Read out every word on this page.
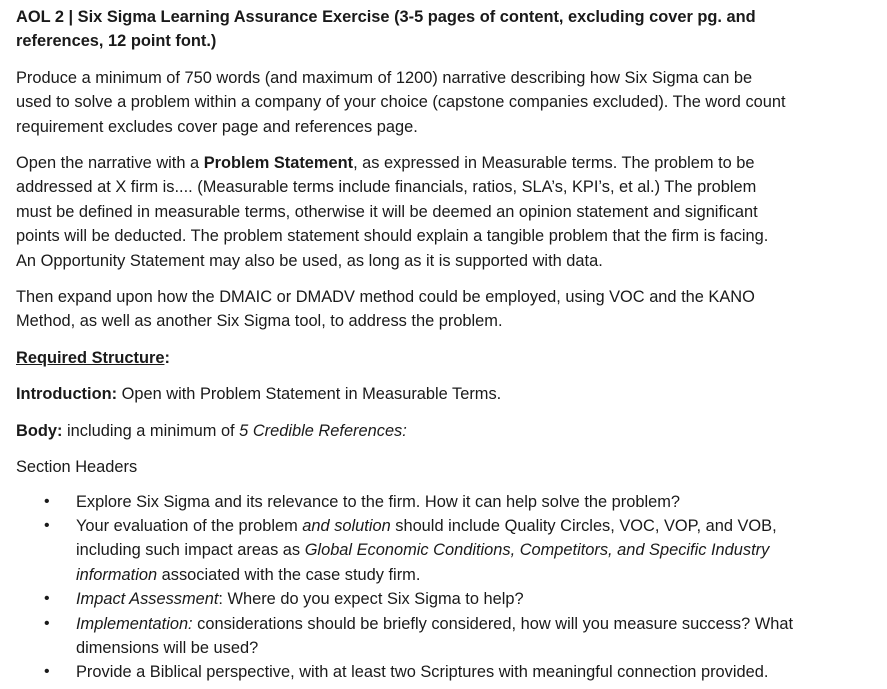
AOL 2 | Six Sigma Learning Assurance Exercise (3-5 pages of content, excluding cover pg. and references, 12 point font.)

Produce a minimum of 750 words (and maximum of 1200) narrative describing how Six Sigma can be used to solve a problem within a company of your choice (capstone companies excluded). The word count requirement excludes cover page and references page.

Open the narrative with a Problem Statement, as expressed in Measurable terms. The problem to be addressed at X firm is.... (Measurable terms include financials, ratios, SLA’s, KPI’s, et al.) The problem must be defined in measurable terms, otherwise it will be deemed an opinion statement and significant points will be deducted. The problem statement should explain a tangible problem that the firm is facing. An Opportunity Statement may also be used, as long as it is supported with data.

Then expand upon how the DMAIC or DMADV method could be employed, using VOC and the KANO Method, as well as another Six Sigma tool, to address the problem.

Required Structure:

Introduction: Open with Problem Statement in Measurable Terms.

Body: including a minimum of 5 Credible References:

Section Headers

• Explore Six Sigma and its relevance to the firm. How it can help solve the problem?
• Your evaluation of the problem and solution should include Quality Circles, VOC, VOP, and VOB, including such impact areas as Global Economic Conditions, Competitors, and Specific Industry information associated with the case study firm.
• Impact Assessment: Where do you expect Six Sigma to help?
• Implementation: considerations should be briefly considered, how will you measure success? What dimensions will be used?
• Provide a Biblical perspective, with at least two Scriptures with meaningful connection provided.
